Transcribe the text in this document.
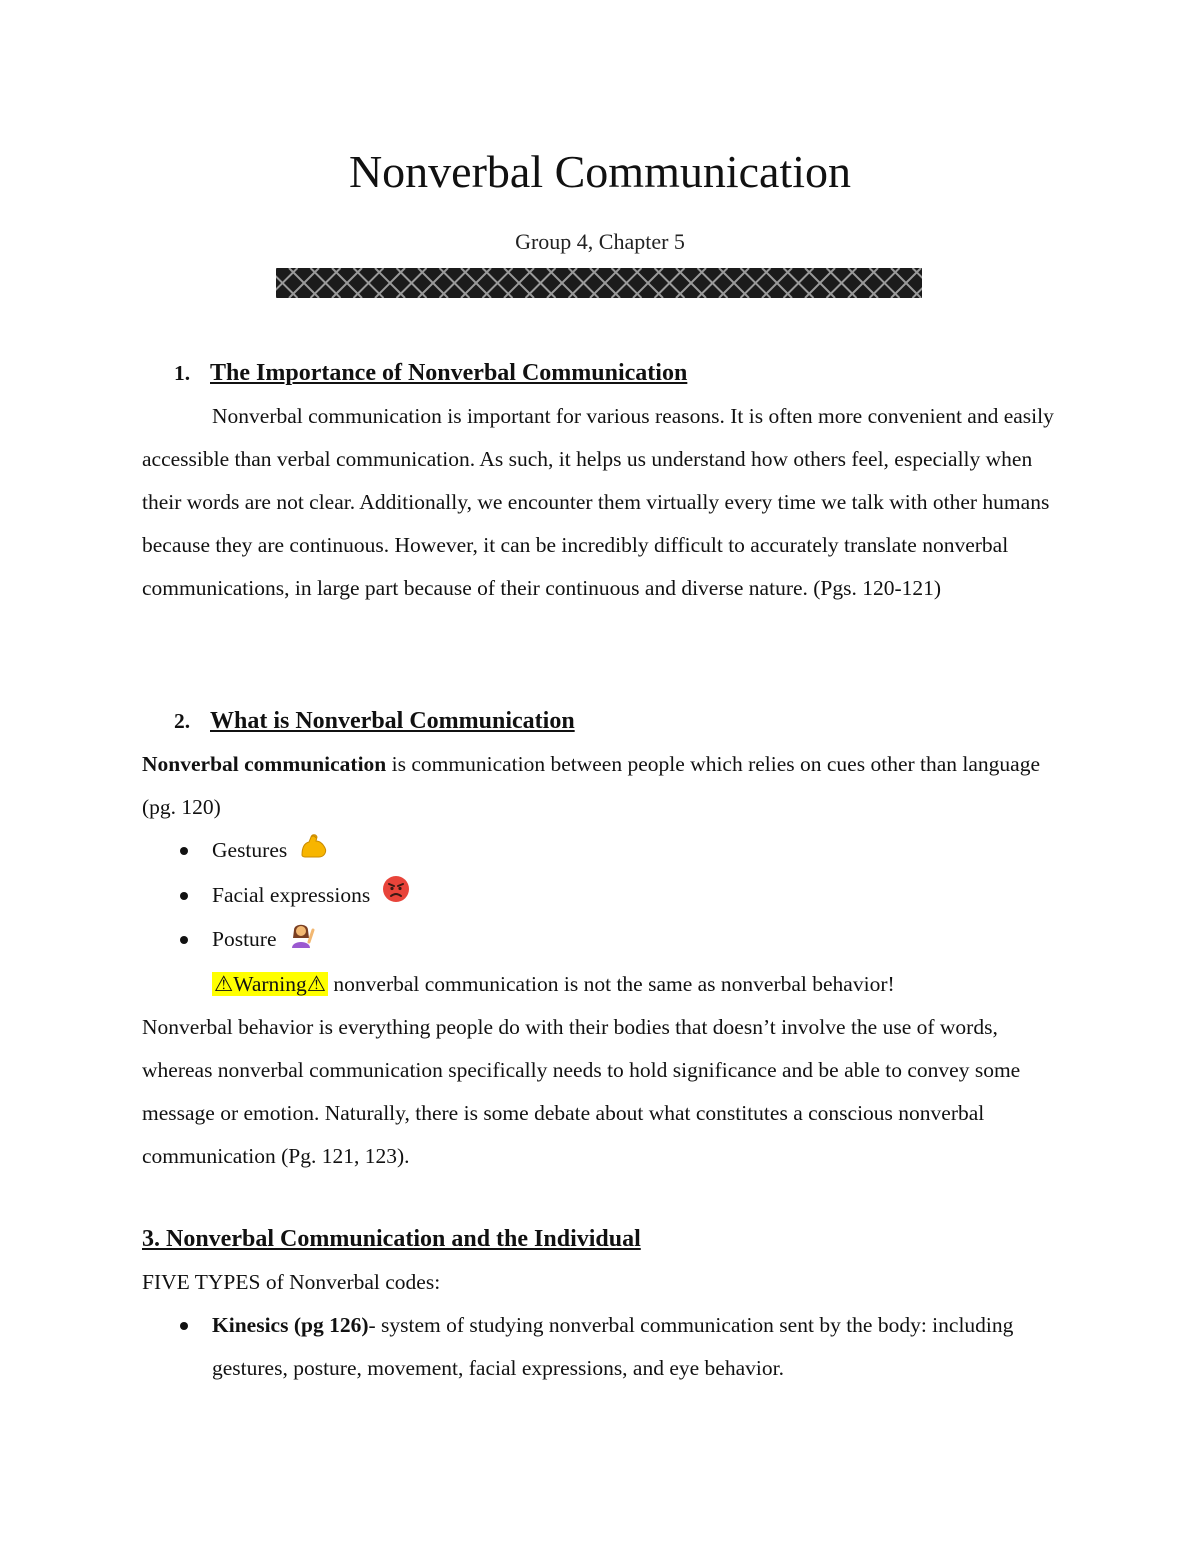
Nonverbal Communication
Group 4, Chapter 5
1. The Importance of Nonverbal Communication

Nonverbal communication is important for various reasons. It is often more convenient and easily accessible than verbal communication. As such, it helps us understand how others feel, especially when their words are not clear. Additionally, we encounter them virtually every time we talk with other humans because they are continuous. However, it can be incredibly difficult to accurately translate nonverbal communications, in large part because of their continuous and diverse nature. (Pgs. 120-121)

2. What is Nonverbal Communication

Nonverbal communication is communication between people which relies on cues other than language (pg. 120)

Gestures
Facial expressions
Posture

⚠Warning⚠ nonverbal communication is not the same as nonverbal behavior!

Nonverbal behavior is everything people do with their bodies that doesn’t involve the use of words, whereas nonverbal communication specifically needs to hold significance and be able to convey some message or emotion. Naturally, there is some debate about what constitutes a conscious nonverbal communication (Pg. 121, 123).

3. Nonverbal Communication and the Individual

FIVE TYPES of Nonverbal codes:

Kinesics (pg 126)- system of studying nonverbal communication sent by the body: including gestures, posture, movement, facial expressions, and eye behavior.
